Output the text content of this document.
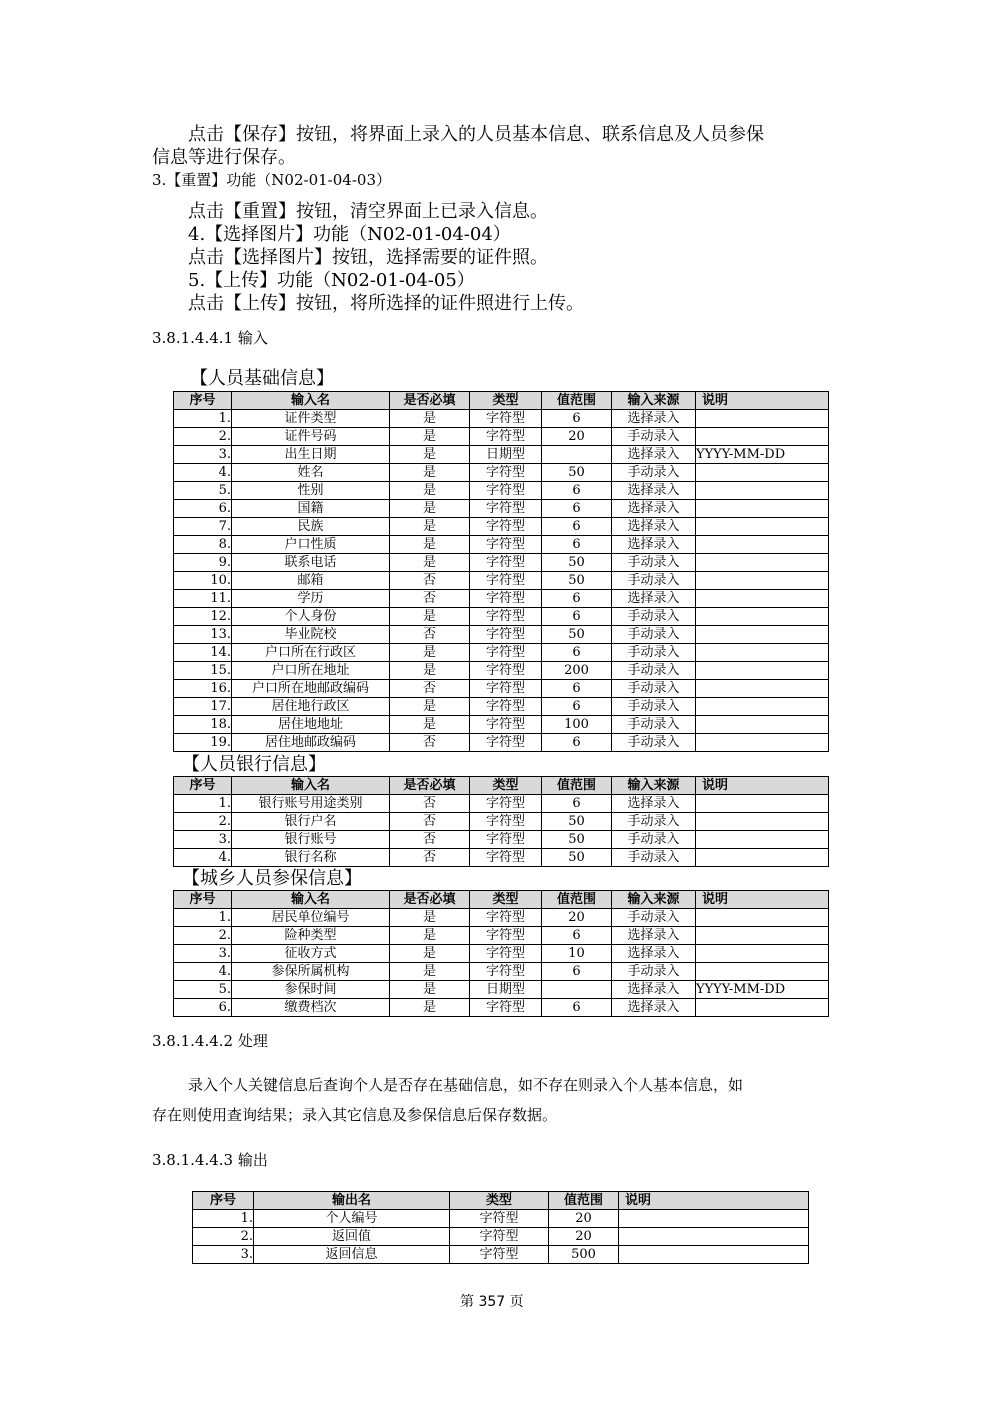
点击【保存】按钮，将界面上录入的人员基本信息、联系信息及人员参保
信息等进行保存。
3.【重置】功能（N02-01-04-03）
点击【重置】按钮，清空界面上已录入信息。
4.【选择图片】功能（N02-01-04-04）
点击【选择图片】按钮，选择需要的证件照。
5.【上传】功能（N02-01-04-05）
点击【上传】按钮，将所选择的证件照进行上传。
3.8.1.4.4.1 输入
【人员基础信息】
序号	输入名	是否必填	类型	值范围	输入来源	说明
1.	证件类型	是	字符型	6	选择录入	
2.	证件号码	是	字符型	20	手动录入	
3.	出生日期	是	日期型		选择录入	YYYY-MM-DD
4.	姓名	是	字符型	50	手动录入	
5.	性别	是	字符型	6	选择录入	
6.	国籍	是	字符型	6	选择录入	
7.	民族	是	字符型	6	选择录入	
8.	户口性质	是	字符型	6	选择录入	
9.	联系电话	是	字符型	50	手动录入	
10.	邮箱	否	字符型	50	手动录入	
11.	学历	否	字符型	6	选择录入	
12.	个人身份	是	字符型	6	手动录入	
13.	毕业院校	否	字符型	50	手动录入	
14.	户口所在行政区	是	字符型	6	手动录入	
15.	户口所在地址	是	字符型	200	手动录入	
16.	户口所在地邮政编码	否	字符型	6	手动录入	
17.	居住地行政区	是	字符型	6	手动录入	
18.	居住地地址	是	字符型	100	手动录入	
19.	居住地邮政编码	否	字符型	6	手动录入	
【人员银行信息】
序号	输入名	是否必填	类型	值范围	输入来源	说明
1.	银行账号用途类别	否	字符型	6	选择录入	
2.	银行户名	否	字符型	50	手动录入	
3.	银行账号	否	字符型	50	手动录入	
4.	银行名称	否	字符型	50	手动录入	
【城乡人员参保信息】
序号	输入名	是否必填	类型	值范围	输入来源	说明
1.	居民单位编号	是	字符型	20	手动录入	
2.	险种类型	是	字符型	6	选择录入	
3.	征收方式	是	字符型	10	选择录入	
4.	参保所属机构	是	字符型	6	手动录入	
5.	参保时间	是	日期型		选择录入	YYYY-MM-DD
6.	缴费档次	是	字符型	6	选择录入	
3.8.1.4.4.2 处理
录入个人关键信息后查询个人是否存在基础信息，如不存在则录入个人基本信息，如
存在则使用查询结果；录入其它信息及参保信息后保存数据。
3.8.1.4.4.3 输出
序号	输出名	类型	值范围	说明
1.	个人编号	字符型	20	
2.	返回值	字符型	20	
3.	返回信息	字符型	500	
第 357 页
